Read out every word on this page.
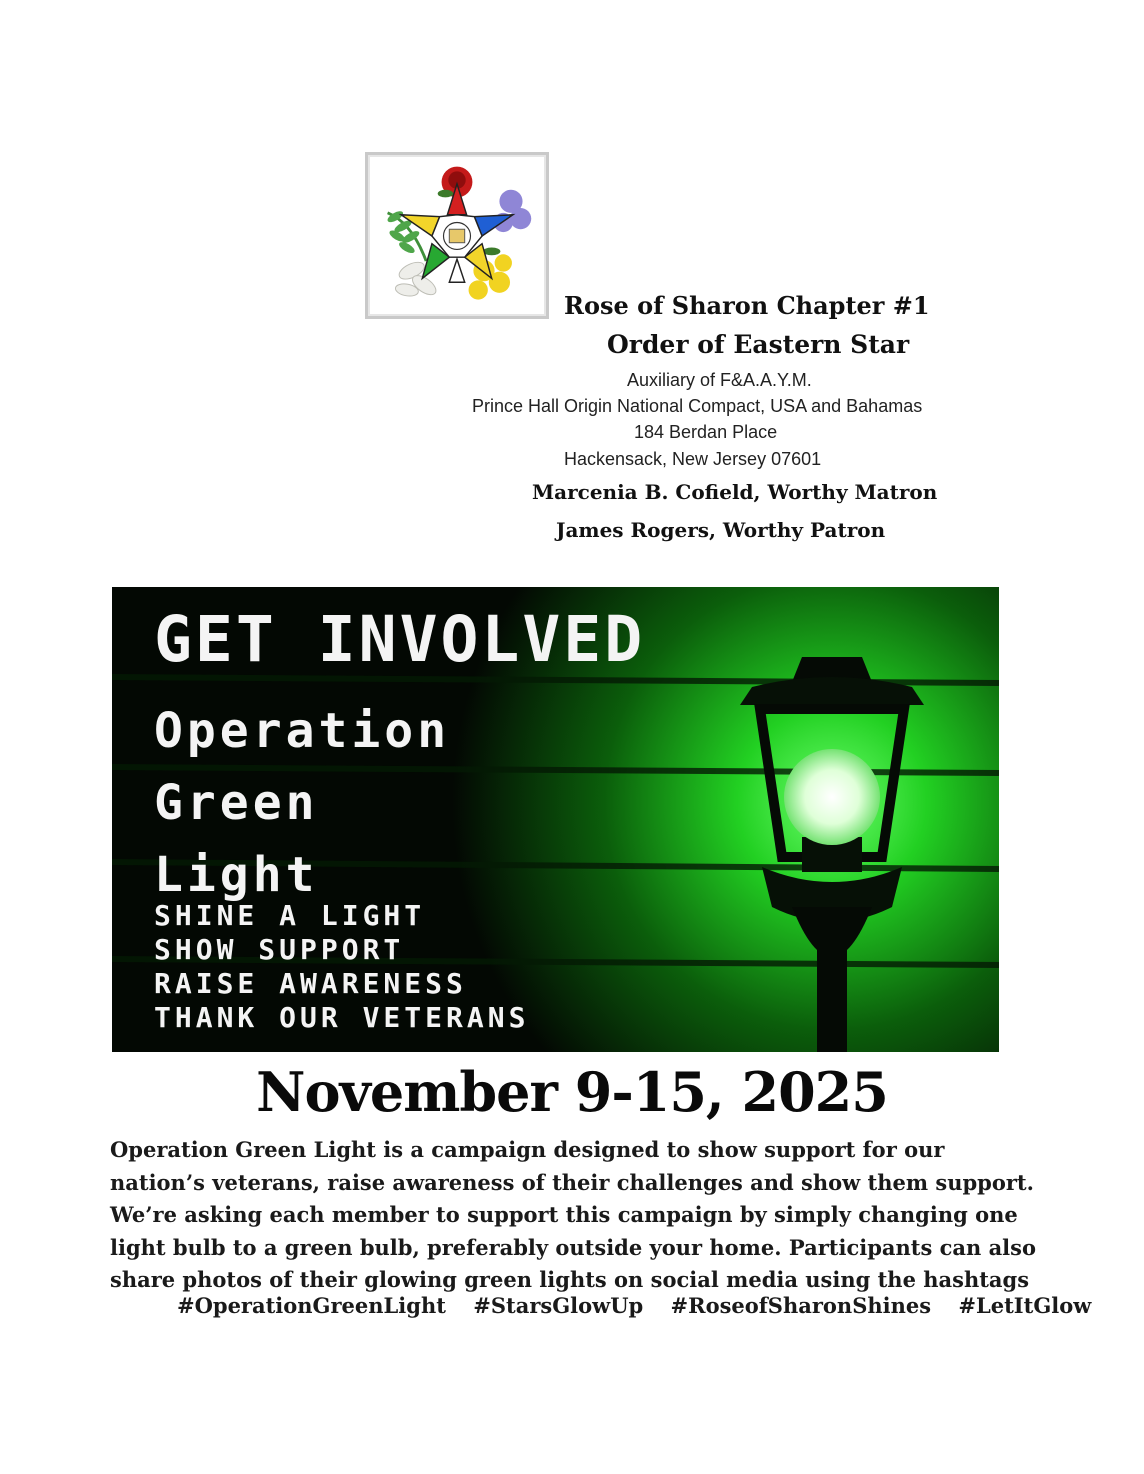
Rose of Sharon Chapter #1
Order of Eastern Star
Auxiliary of F&A.A.Y.M.
Prince Hall Origin National Compact, USA and Bahamas
184 Berdan Place
Hackensack, New Jersey 07601
Marcenia B. Cofield, Worthy Matron
James Rogers, Worthy Patron
GET INVOLVED
Operation
Green
Light
SHINE A LIGHT
SHOW SUPPORT
RAISE AWARENESS
THANK OUR VETERANS
November 9-15, 2025
Operation Green Light is a campaign designed to show support for our nation’s veterans, raise awareness of their challenges and show them support. We’re asking each member to support this campaign by simply changing one light bulb to a green bulb, preferably outside your home. Participants can also share photos of their glowing green lights on social media using the hashtags
#OperationGreenLight #StarsGlowUp #RoseofSharonShines #LetItGlow
